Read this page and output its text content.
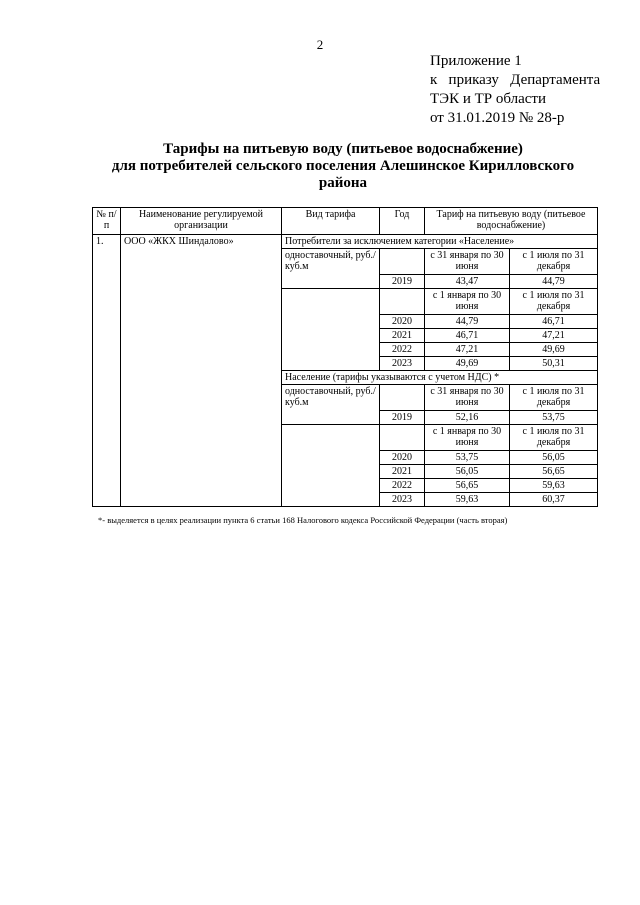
2
Приложение 1
к   приказу   Департамента
ТЭК и ТР области
от 31.01.2019 № 28-р
Тарифы на питьевую воду (питьевое водоснабжение)
для потребителей сельского поселения Алешинское Кирилловского
района
№ п/п	Наименование регулируемой организации	Вид тарифа	Год	Тариф на питьевую воду (питьевое водоснабжение)	
1.	ООО «ЖКХ Шиндалово»	Потребители за исключением категории «Население»			
		одноставочный, руб./куб.м		с 31 января по 30 июня	с 1 июля по 31 декабря
			2019	43,47	44,79
				с 1 января по 30 июня	с 1 июля по 31 декабря
			2020	44,79	46,71
			2021	46,71	47,21
			2022	47,21	49,69
			2023	49,69	50,31
		Население (тарифы указываются с учетом НДС) *			
		одноставочный, руб./куб.м		с 31 января по 30 июня	с 1 июля по 31 декабря
			2019	52,16	53,75
				с 1 января по 30 июня	с 1 июля по 31 декабря
			2020	53,75	56,05
			2021	56,05	56,65
			2022	56,65	59,63
			2023	59,63	60,37
*- выделяется в целях реализации пункта 6 статьи 168 Налогового кодекса Российской Федерации (часть вторая)
